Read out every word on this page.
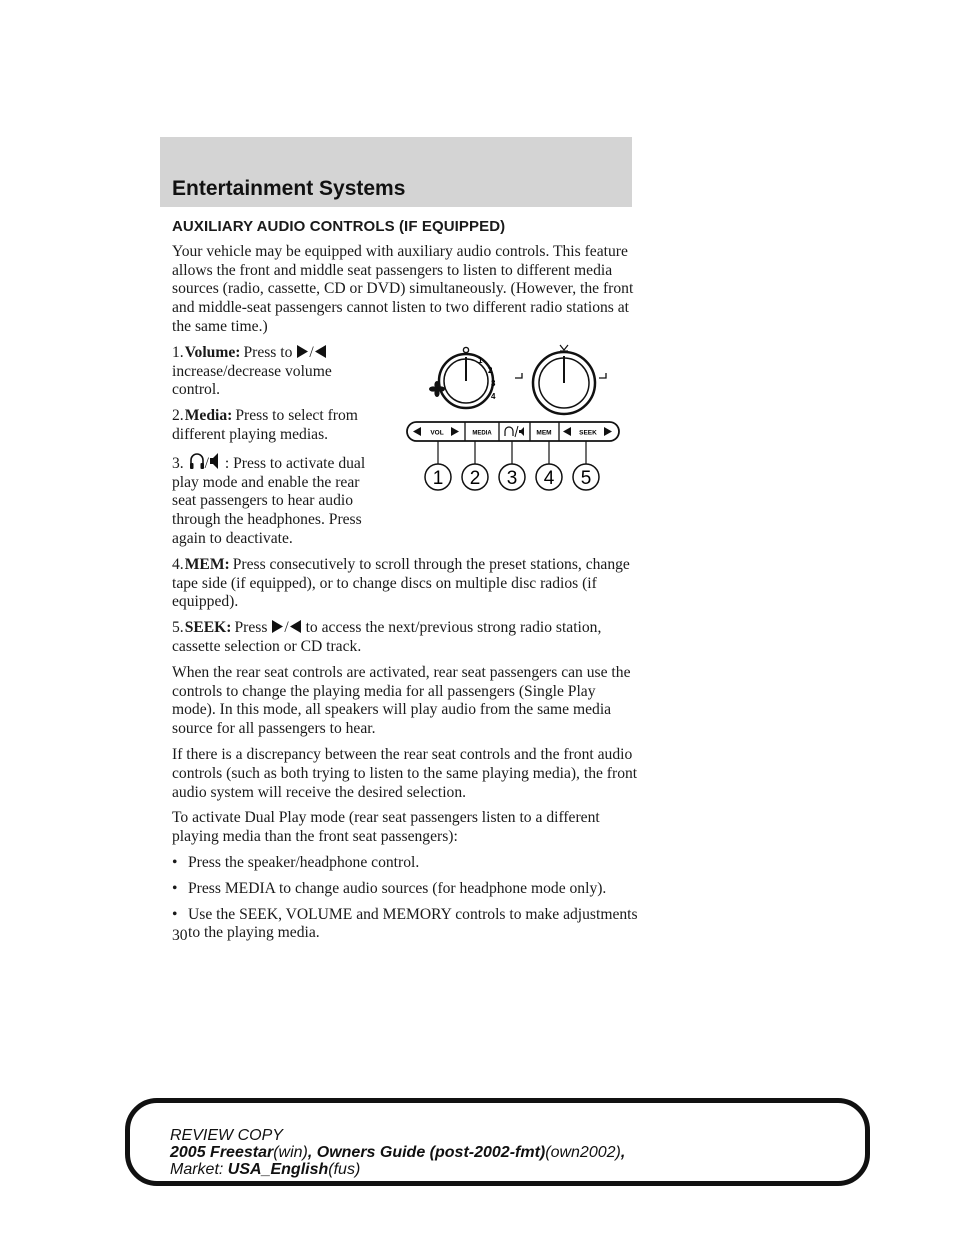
Entertainment Systems
AUXILIARY AUDIO CONTROLS (IF EQUIPPED)

Your vehicle may be equipped with auxiliary audio controls. This feature allows the front and middle seat passengers to listen to different media sources (radio, cassette, CD or DVD) simultaneously. (However, the front and middle-seat passengers cannot listen to two different radio stations at the same time.)

1.Volume: Press to / increase/decrease volume control.

2.Media: Press to select from different playing medias.

3. / : Press to activate dual play mode and enable the rear seat passengers to hear audio through the headphones. Press again to deactivate.

4.MEM: Press consecutively to scroll through the preset stations, change tape side (if equipped), or to change discs on multiple disc radios (if equipped).

5.SEEK: Press / to access the next/previous strong radio station, cassette selection or CD track.

When the rear seat controls are activated, rear seat passengers can use the controls to change the playing media for all passengers (Single Play mode). In this mode, all speakers will play audio from the same media source for all passengers to hear.

If there is a discrepancy between the rear seat controls and the front audio controls (such as both trying to listen to the same playing media), the front audio system will receive the desired selection.

To activate Dual Play mode (rear seat passengers listen to a different playing media than the front seat passengers):

• Press the speaker/headphone control.
• Press MEDIA to change audio sources (for headphone mode only).
• Use the SEEK, VOLUME and MEMORY controls to make adjustments to the playing media.
1
2
3
4
VOL	MEDIA	MEM	SEEK
1 2 3 4 5

30

REVIEW COPY
2005 Freestar(win), Owners Guide (post-2002-fmt)(own2002),
Market: USA_English(fus)
